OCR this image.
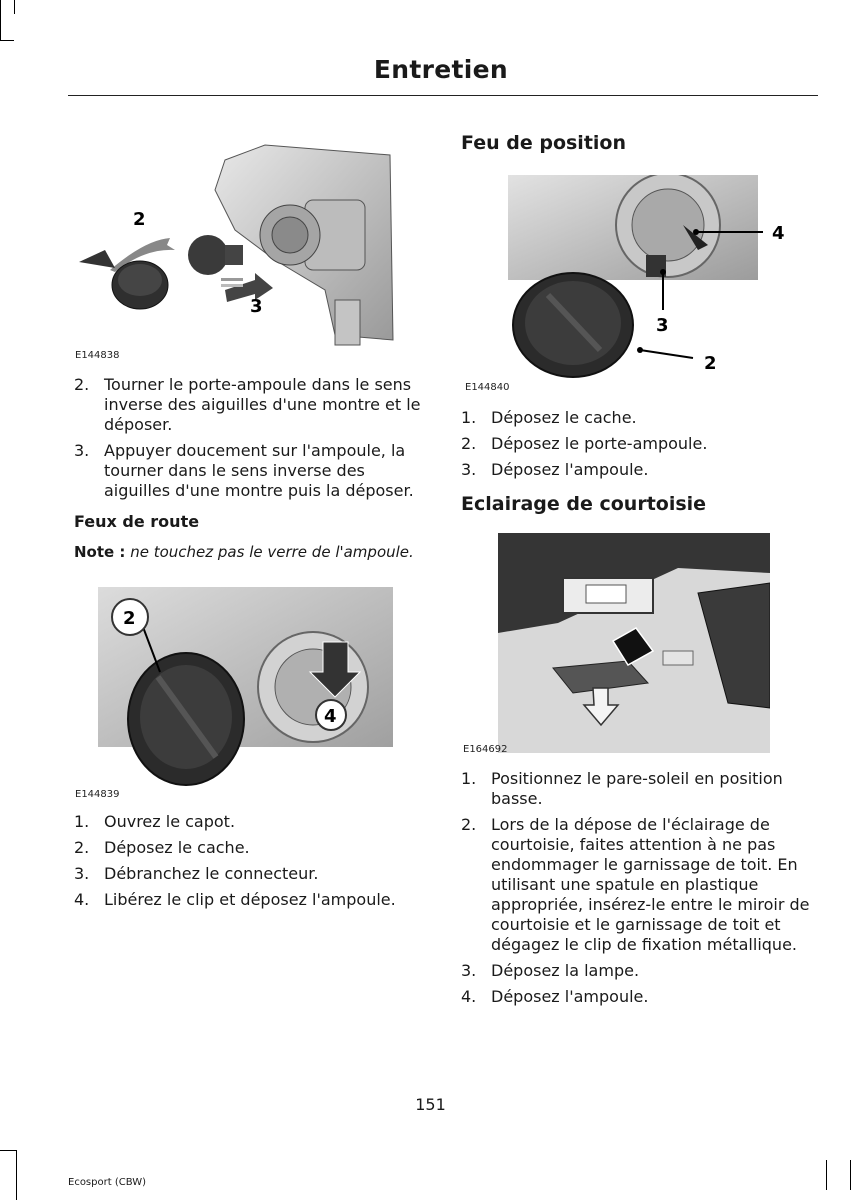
Entretien
2
3
E144838
2. Tourner le porte-ampoule dans le sens inverse des aiguilles d'une montre et le déposer.
3. Appuyer doucement sur l'ampoule, la tourner dans le sens inverse des aiguilles d'une montre puis la déposer.
Feux de route
Note : ne touchez pas le verre de l'ampoule.
2
4
E144839
1. Ouvrez le capot.
2. Déposez le cache.
3. Débranchez le connecteur.
4. Libérez le clip et déposez l'ampoule.
Feu de position
4
3
2
E144840
1. Déposez le cache.
2. Déposez le porte-ampoule.
3. Déposez l'ampoule.
Eclairage de courtoisie
E164692
1. Positionnez le pare-soleil en position basse.
2. Lors de la dépose de l'éclairage de courtoisie, faites attention à ne pas endommager le garnissage de toit. En utilisant une spatule en plastique appropriée, insérez-le entre le miroir de courtoisie et le garnissage de toit et dégagez le clip de fixation métallique.
3. Déposez la lampe.
4. Déposez l'ampoule.
151
Ecosport (CBW)
